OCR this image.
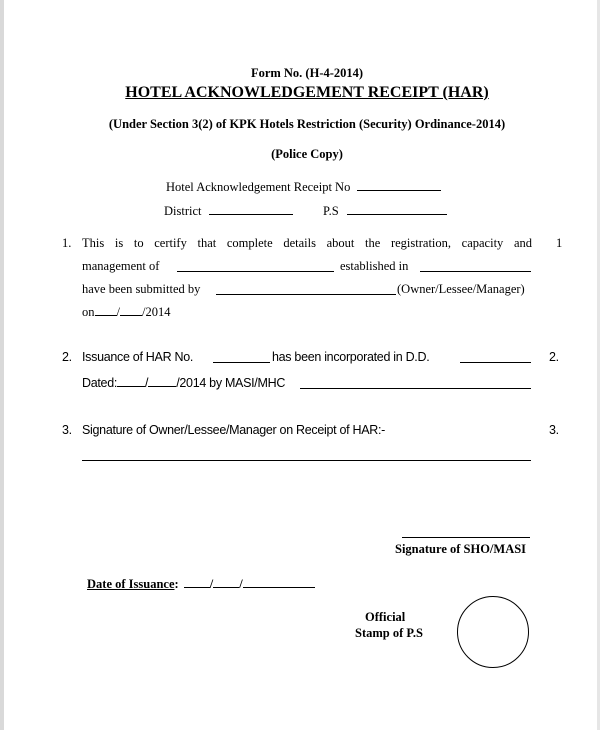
Form No. (H-4-2014)
HOTEL ACKNOWLEDGEMENT RECEIPT (HAR)
(Under Section 3(2) of KPK Hotels Restriction (Security) Ordinance-2014)
(Police Copy)
Hotel Acknowledgement Receipt No
District	P.S
1. This is to certify that complete details about the registration, capacity and 1
management of	established in
have been submitted by	(Owner/Lessee/Manager)
on / /2014
2. Issuance of HAR No.	has been incorporated in D.D.	2.
Dated: / /2014 by MASI/MHC
3. Signature of Owner/Lessee/Manager on Receipt of HAR:-	3.
Signature of SHO/MASI
Date of Issuance: / /
Official
Stamp of P.S
